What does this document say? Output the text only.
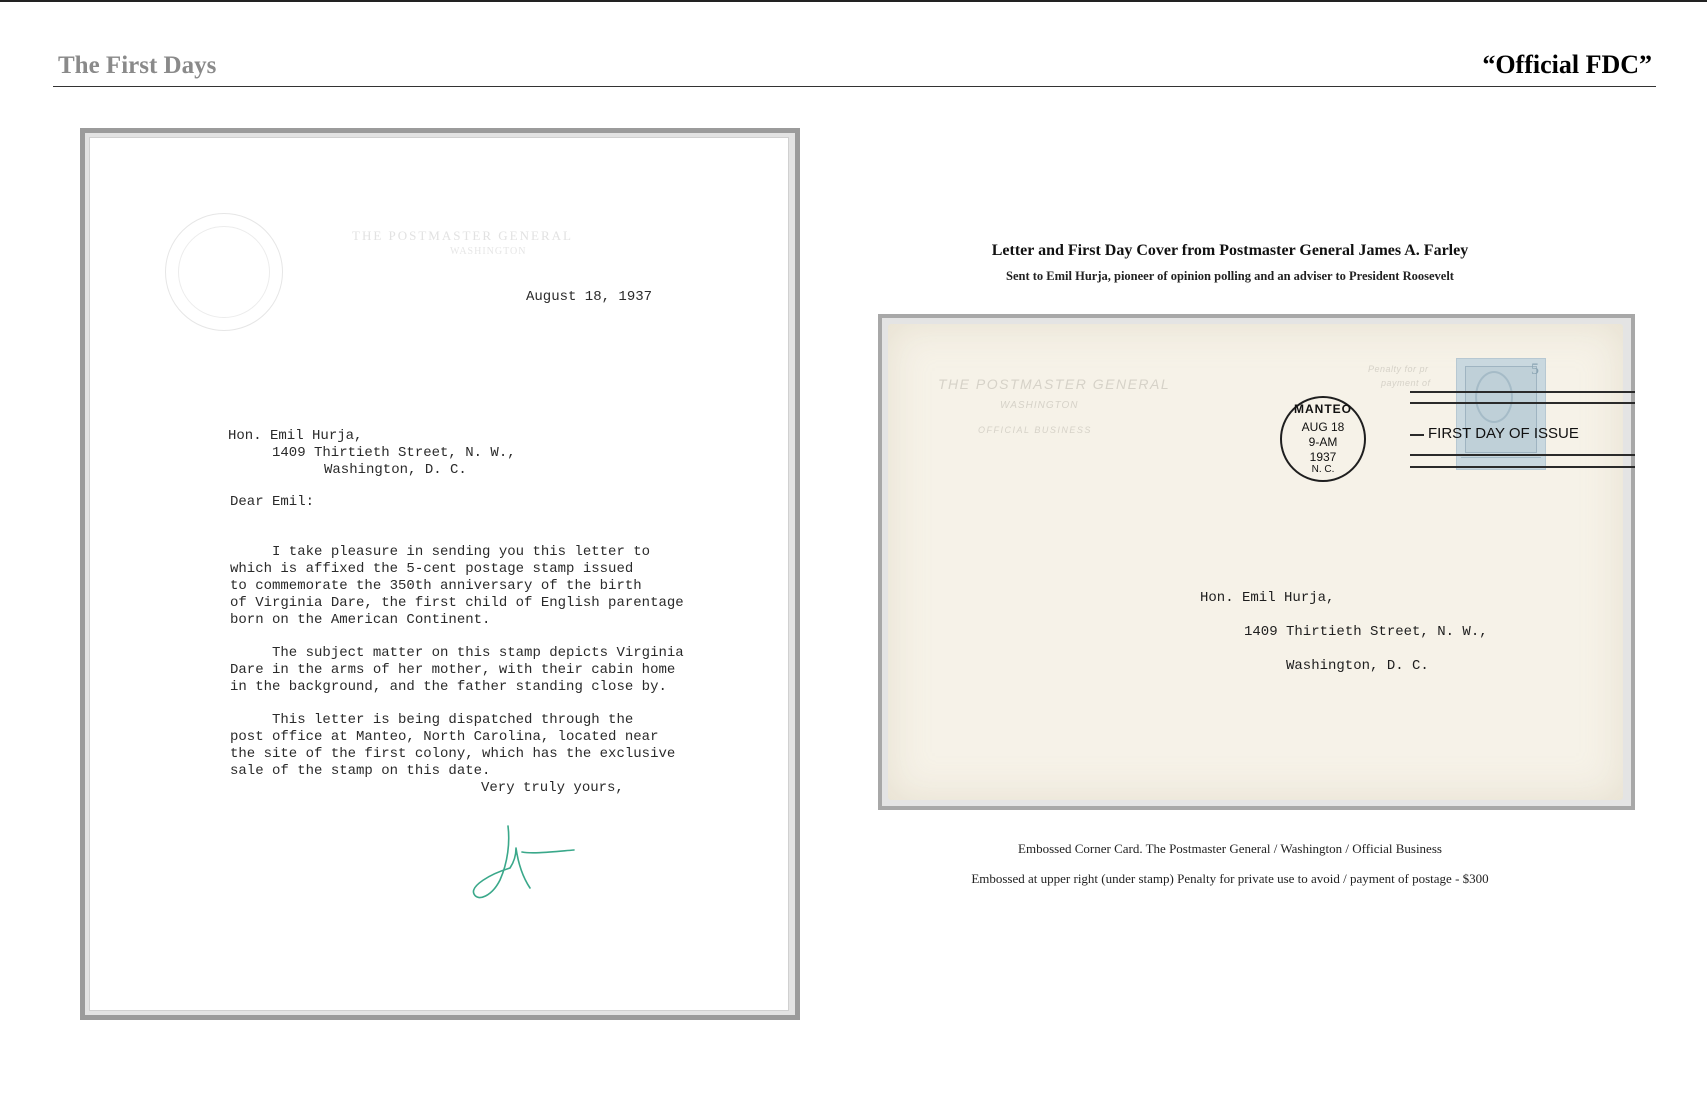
The First Days	“Official FDC”
THE POSTMASTER GENERAL
WASHINGTON
August 18, 1937
Hon. Emil Hurja,
1409 Thirtieth Street, N. W.,
Washington, D. C.
Dear Emil:

I take pleasure in sending you this letter to
which is affixed the 5-cent postage stamp issued
to commemorate the 350th anniversary of the birth
of Virginia Dare, the first child of English parentage
born on the American Continent.

The subject matter on this stamp depicts Virginia
Dare in the arms of her mother, with their cabin home
in the background, and the father standing close by.

This letter is being dispatched through the
post office at Manteo, North Carolina, located near
the site of the first colony, which has the exclusive
sale of the stamp on this date.
Very truly yours,
Letter and First Day Cover from Postmaster General James A. Farley
Sent to Emil Hurja, pioneer of opinion polling and an adviser to President Roosevelt
THE POSTMASTER GENERAL
WASHINGTON
OFFICIAL BUSINESS
Penalty for pr
payment of
5
FIRST DAY OF ISSUE
MANTEO
AUG 18
9-AM
1937
N. C.
Hon. Emil Hurja,
1409 Thirtieth Street, N. W.,
Washington, D. C.
Embossed Corner Card. The Postmaster General / Washington / Official Business
Embossed at upper right (under stamp) Penalty for private use to avoid / payment of postage - $300
